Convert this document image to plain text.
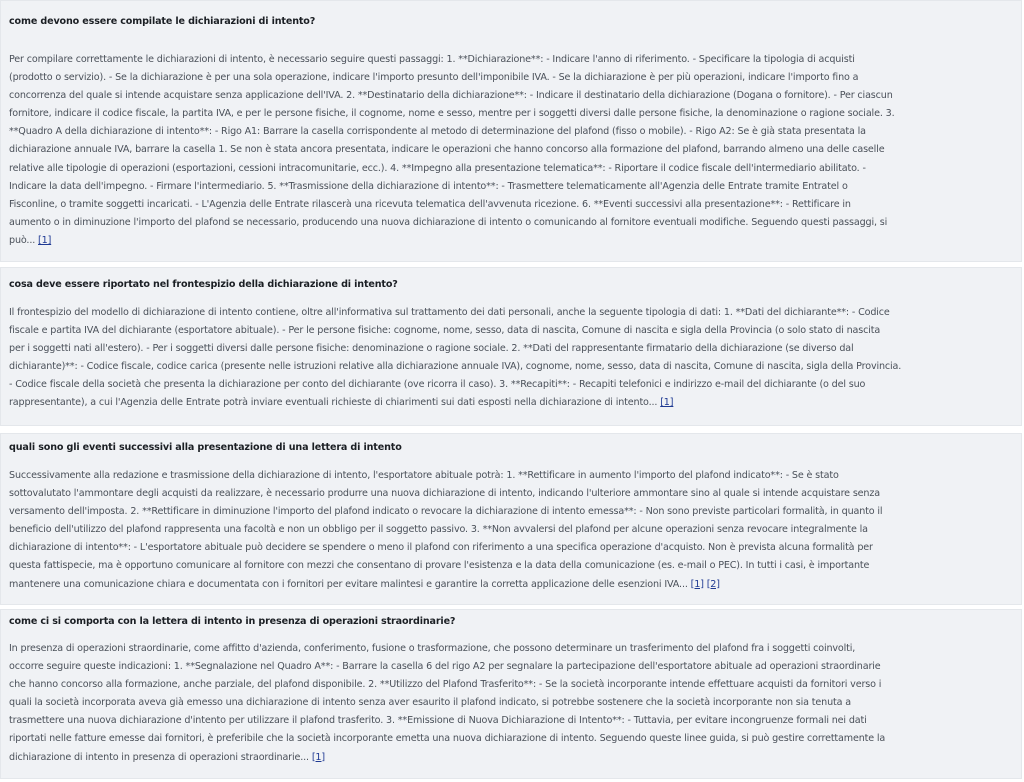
come devono essere compilate le dichiarazioni di intento?

Per compilare correttamente le dichiarazioni di intento, è necessario seguire questi passaggi: 1. **Dichiarazione**: - Indicare l'anno di riferimento. - Specificare la tipologia di acquisti
(prodotto o servizio). - Se la dichiarazione è per una sola operazione, indicare l'importo presunto dell'imponibile IVA. - Se la dichiarazione è per più operazioni, indicare l'importo fino a
concorrenza del quale si intende acquistare senza applicazione dell'IVA. 2. **Destinatario della dichiarazione**: - Indicare il destinatario della dichiarazione (Dogana o fornitore). - Per ciascun
fornitore, indicare il codice fiscale, la partita IVA, e per le persone fisiche, il cognome, nome e sesso, mentre per i soggetti diversi dalle persone fisiche, la denominazione o ragione sociale. 3.
**Quadro A della dichiarazione di intento**: - Rigo A1: Barrare la casella corrispondente al metodo di determinazione del plafond (fisso o mobile). - Rigo A2: Se è già stata presentata la
dichiarazione annuale IVA, barrare la casella 1. Se non è stata ancora presentata, indicare le operazioni che hanno concorso alla formazione del plafond, barrando almeno una delle caselle
relative alle tipologie di operazioni (esportazioni, cessioni intracomunitarie, ecc.). 4. **Impegno alla presentazione telematica**: - Riportare il codice fiscale dell'intermediario abilitato. -
Indicare la data dell'impegno. - Firmare l'intermediario. 5. **Trasmissione della dichiarazione di intento**: - Trasmettere telematicamente all'Agenzia delle Entrate tramite Entratel o
Fisconline, o tramite soggetti incaricati. - L'Agenzia delle Entrate rilascerà una ricevuta telematica dell'avvenuta ricezione. 6. **Eventi successivi alla presentazione**: - Rettificare in
aumento o in diminuzione l'importo del plafond se necessario, producendo una nuova dichiarazione di intento o comunicando al fornitore eventuali modifiche. Seguendo questi passaggi, si
può... [1]

cosa deve essere riportato nel frontespizio della dichiarazione di intento?

Il frontespizio del modello di dichiarazione di intento contiene, oltre all'informativa sul trattamento dei dati personali, anche la seguente tipologia di dati: 1. **Dati del dichiarante**: - Codice
fiscale e partita IVA del dichiarante (esportatore abituale). - Per le persone fisiche: cognome, nome, sesso, data di nascita, Comune di nascita e sigla della Provincia (o solo stato di nascita
per i soggetti nati all'estero). - Per i soggetti diversi dalle persone fisiche: denominazione o ragione sociale. 2. **Dati del rappresentante firmatario della dichiarazione (se diverso dal
dichiarante)**: - Codice fiscale, codice carica (presente nelle istruzioni relative alla dichiarazione annuale IVA), cognome, nome, sesso, data di nascita, Comune di nascita, sigla della Provincia.
- Codice fiscale della società che presenta la dichiarazione per conto del dichiarante (ove ricorra il caso). 3. **Recapiti**: - Recapiti telefonici e indirizzo e-mail del dichiarante (o del suo
rappresentante), a cui l'Agenzia delle Entrate potrà inviare eventuali richieste di chiarimenti sui dati esposti nella dichiarazione di intento... [1]

quali sono gli eventi successivi alla presentazione di una lettera di intento

Successivamente alla redazione e trasmissione della dichiarazione di intento, l'esportatore abituale potrà: 1. **Rettificare in aumento l'importo del plafond indicato**: - Se è stato
sottovalutato l'ammontare degli acquisti da realizzare, è necessario produrre una nuova dichiarazione di intento, indicando l'ulteriore ammontare sino al quale si intende acquistare senza
versamento dell'imposta. 2. **Rettificare in diminuzione l'importo del plafond indicato o revocare la dichiarazione di intento emessa**: - Non sono previste particolari formalità, in quanto il
beneficio dell'utilizzo del plafond rappresenta una facoltà e non un obbligo per il soggetto passivo. 3. **Non avvalersi del plafond per alcune operazioni senza revocare integralmente la
dichiarazione di intento**: - L'esportatore abituale può decidere se spendere o meno il plafond con riferimento a una specifica operazione d'acquisto. Non è prevista alcuna formalità per
questa fattispecie, ma è opportuno comunicare al fornitore con mezzi che consentano di provare l'esistenza e la data della comunicazione (es. e-mail o PEC). In tutti i casi, è importante
mantenere una comunicazione chiara e documentata con i fornitori per evitare malintesi e garantire la corretta applicazione delle esenzioni IVA... [1] [2]

come ci si comporta con la lettera di intento in presenza di operazioni straordinarie?

In presenza di operazioni straordinarie, come affitto d'azienda, conferimento, fusione o trasformazione, che possono determinare un trasferimento del plafond fra i soggetti coinvolti,
occorre seguire queste indicazioni: 1. **Segnalazione nel Quadro A**: - Barrare la casella 6 del rigo A2 per segnalare la partecipazione dell'esportatore abituale ad operazioni straordinarie
che hanno concorso alla formazione, anche parziale, del plafond disponibile. 2. **Utilizzo del Plafond Trasferito**: - Se la società incorporante intende effettuare acquisti da fornitori verso i
quali la società incorporata aveva già emesso una dichiarazione di intento senza aver esaurito il plafond indicato, si potrebbe sostenere che la società incorporante non sia tenuta a
trasmettere una nuova dichiarazione d'intento per utilizzare il plafond trasferito. 3. **Emissione di Nuova Dichiarazione di Intento**: - Tuttavia, per evitare incongruenze formali nei dati
riportati nelle fatture emesse dai fornitori, è preferibile che la società incorporante emetta una nuova dichiarazione di intento. Seguendo queste linee guida, si può gestire correttamente la
dichiarazione di intento in presenza di operazioni straordinarie... [1]
